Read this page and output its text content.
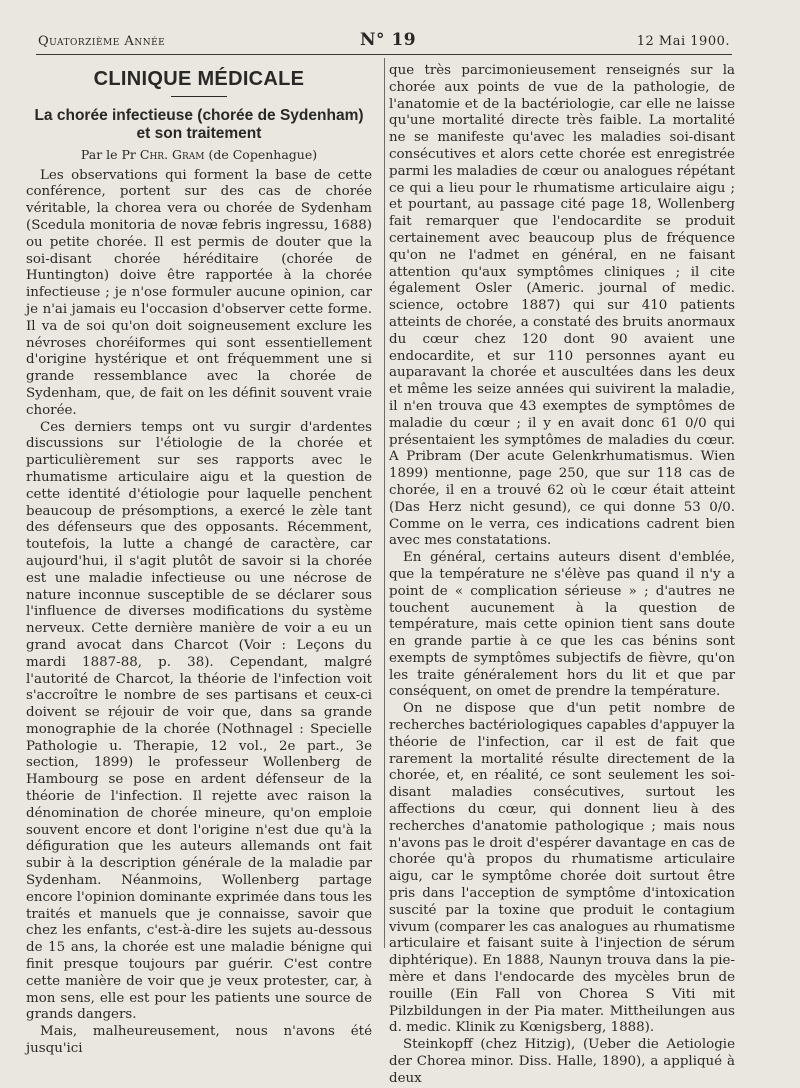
Quatorzième Année	N° 19	12 Mai 1900.
CLINIQUE MÉDICALE
La chorée infectieuse (chorée de Sydenham) et son traitement
Par le Pr Chr. Gram (de Copenhague)

Les observations qui forment la base de cette conférence, portent sur des cas de chorée véritable, la chorea vera ou chorée de Sydenham (Scedula monitoria de novæ febris ingressu, 1688) ou petite chorée. Il est permis de douter que la soi-disant chorée héréditaire (chorée de Huntington) doive être rapportée à la chorée infectieuse ; je n'ose formuler aucune opinion, car je n'ai jamais eu l'occasion d'observer cette forme. Il va de soi qu'on doit soigneusement exclure les névroses choréiformes qui sont essentiellement d'origine hystérique et ont fréquemment une si grande ressemblance avec la chorée de Sydenham, que, de fait on les définit souvent vraie chorée.

Ces derniers temps ont vu surgir d'ardentes discussions sur l'étiologie de la chorée et particulièrement sur ses rapports avec le rhumatisme articulaire aigu et la question de cette identité d'étiologie pour laquelle penchent beaucoup de présomptions, a exercé le zèle tant des défenseurs que des opposants. Récemment, toutefois, la lutte a changé de caractère, car aujourd'hui, il s'agit plutôt de savoir si la chorée est une maladie infectieuse ou une nécrose de nature inconnue susceptible de se déclarer sous l'influence de diverses modifications du système nerveux. Cette dernière manière de voir a eu un grand avocat dans Charcot (Voir : Leçons du mardi 1887-88, p. 38). Cependant, malgré l'autorité de Charcot, la théorie de l'infection voit s'accroître le nombre de ses partisans et ceux-ci doivent se réjouir de voir que, dans sa grande monographie de la chorée (Nothnagel : Specielle Pathologie u. Therapie, 12 vol., 2e part., 3e section, 1899) le professeur Wollenberg de Hambourg se pose en ardent défenseur de la théorie de l'infection. Il rejette avec raison la dénomination de chorée mineure, qu'on emploie souvent encore et dont l'origine n'est due qu'à la défiguration que les auteurs allemands ont fait subir à la description générale de la maladie par Sydenham. Néanmoins, Wollenberg partage encore l'opinion dominante exprimée dans tous les traités et manuels que je connaisse, savoir que chez les enfants, c'est-à-dire les sujets au-dessous de 15 ans, la chorée est une maladie bénigne qui finit presque toujours par guérir. C'est contre cette manière de voir que je veux protester, car, à mon sens, elle est pour les patients une source de grands dangers.

Mais, malheureusement, nous n'avons été jusqu'ici

que très parcimonieusement renseignés sur la chorée aux points de vue de la pathologie, de l'anatomie et de la bactériologie, car elle ne laisse qu'une mortalité directe très faible. La mortalité ne se manifeste qu'avec les maladies soi-disant consécutives et alors cette chorée est enregistrée parmi les maladies de cœur ou analogues répétant ce qui a lieu pour le rhumatisme articulaire aigu ; et pourtant, au passage cité page 18, Wollenberg fait remarquer que l'endocardite se produit certainement avec beaucoup plus de fréquence qu'on ne l'admet en général, en ne faisant attention qu'aux symptômes cliniques ; il cite également Osler (Americ. journal of medic. science, octobre 1887) qui sur 410 patients atteints de chorée, a constaté des bruits anormaux du cœur chez 120 dont 90 avaient une endocardite, et sur 110 personnes ayant eu auparavant la chorée et auscultées dans les deux et même les seize années qui suivirent la maladie, il n'en trouva que 43 exemptes de symptômes de maladie du cœur ; il y en avait donc 61 0/0 qui présentaient les symptômes de maladies du cœur. A Pribram (Der acute Gelenkrhumatismus. Wien 1899) mentionne, page 250, que sur 118 cas de chorée, il en a trouvé 62 où le cœur était atteint (Das Herz nicht gesund), ce qui donne 53 0/0. Comme on le verra, ces indications cadrent bien avec mes constatations.

En général, certains auteurs disent d'emblée, que la température ne s'élève pas quand il n'y a point de « complication sérieuse » ; d'autres ne touchent aucunement à la question de température, mais cette opinion tient sans doute en grande partie à ce que les cas bénins sont exempts de symptômes subjectifs de fièvre, qu'on les traite généralement hors du lit et que par conséquent, on omet de prendre la température.

On ne dispose que d'un petit nombre de recherches bactériologiques capables d'appuyer la théorie de l'infection, car il est de fait que rarement la mortalité résulte directement de la chorée, et, en réalité, ce sont seulement les soi-disant maladies consécutives, surtout les affections du cœur, qui donnent lieu à des recherches d'anatomie pathologique ; mais nous n'avons pas le droit d'espérer davantage en cas de chorée qu'à propos du rhumatisme articulaire aigu, car le symptôme chorée doit surtout être pris dans l'acception de symptôme d'intoxication suscité par la toxine que produit le contagium vivum (comparer les cas analogues au rhumatisme articulaire et faisant suite à l'injection de sérum diphtérique). En 1888, Naunyn trouva dans la pie-mère et dans l'endocarde des mycèles brun de rouille (Ein Fall von Chorea S Viti mit Pilzbildungen in der Pia mater. Mittheilungen aus d. medic. Klinik zu Kœnigsberg, 1888).

Steinkopff (chez Hitzig), (Ueber die Aetiologie der Chorea minor. Diss. Halle, 1890), a appliqué à deux
